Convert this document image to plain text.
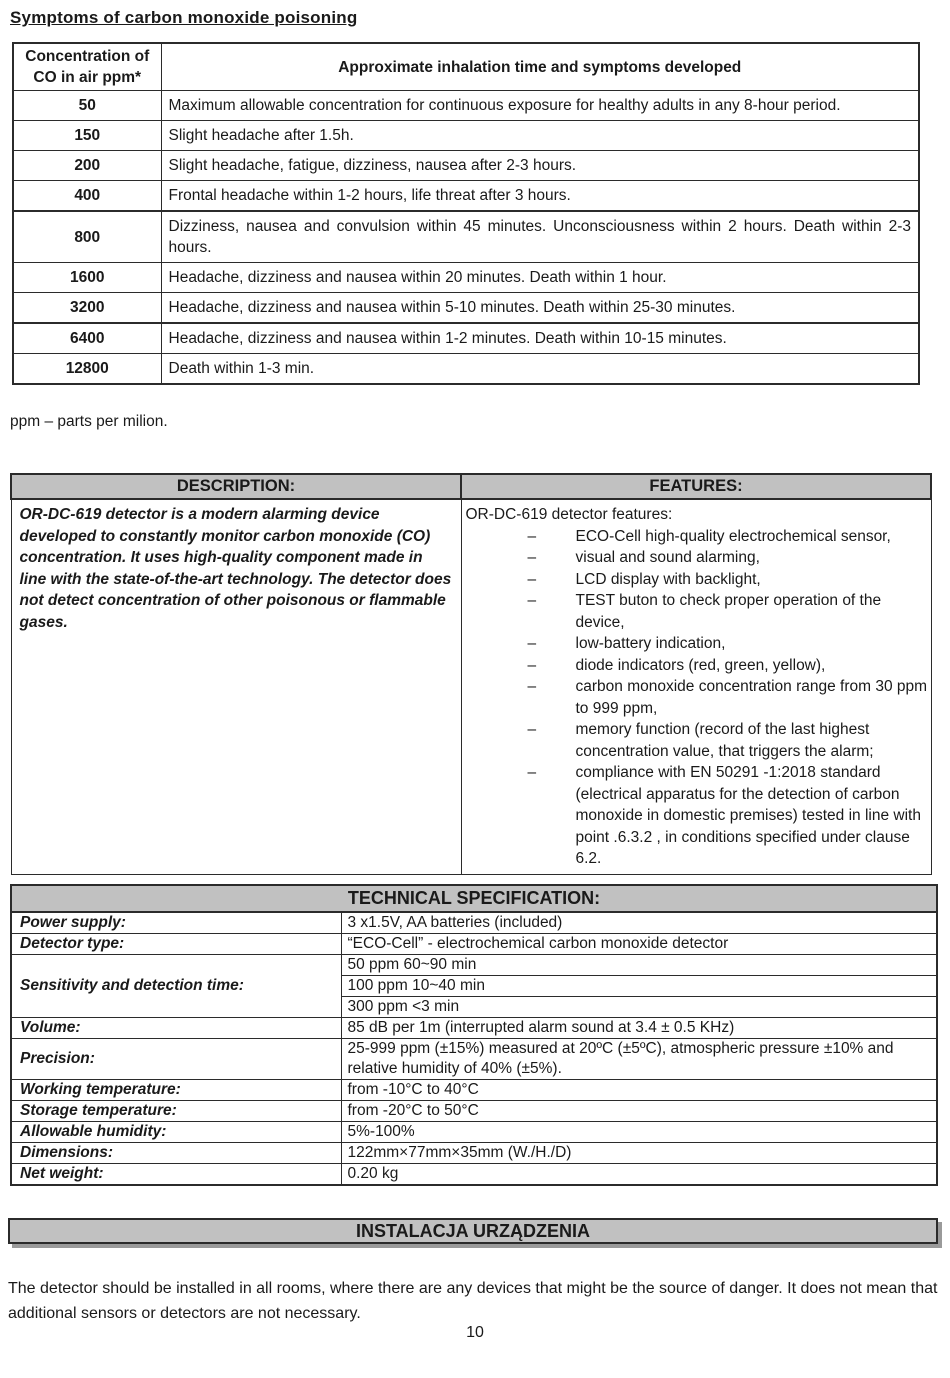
Symptoms of carbon monoxide poisoning
Concentration of CO in air ppm*	Approximate inhalation time and symptoms developed
50	Maximum allowable concentration for continuous exposure for healthy adults in any 8-hour period.
150	Slight headache after 1.5h.
200	Slight headache, fatigue, dizziness, nausea after 2-3 hours.
400	Frontal headache within 1-2 hours, life threat after 3 hours.
800	Dizziness, nausea and convulsion within 45 minutes. Unconsciousness within 2 hours. Death within 2-3 hours.
1600	Headache, dizziness and nausea within 20 minutes. Death within 1 hour.
3200	Headache, dizziness and nausea within 5-10 minutes. Death within 25-30 minutes.
6400	Headache, dizziness and nausea within 1-2 minutes. Death within 10-15 minutes.
12800	Death within 1-3 min.
ppm – parts per milion.
DESCRIPTION:	FEATURES:

OR-DC-619 detector is a modern alarming device developed to constantly monitor carbon monoxide (CO) concentration. It uses high-quality component made in line with the state-of-the-art technology. The detector does not detect concentration of other poisonous or flammable gases.

OR-DC-619 detector features:
–	ECO-Cell high-quality electrochemical sensor,
–	visual and sound alarming,
–	LCD display with backlight,
–	TEST buton to check proper operation of the device,
–	low-battery indication,
–	diode indicators (red, green, yellow),
–	carbon monoxide concentration range from 30 ppm to 999 ppm,
–	memory function (record of the last highest concentration value, that triggers the alarm;
–	compliance with EN 50291 -1:2018 standard (electrical apparatus for the detection of carbon monoxide in domestic premises) tested in line with point .6.3.2 , in conditions specified under clause 6.2.
TECHNICAL SPECIFICATION:	
Power supply:	3 x1.5V, AA batteries (included)
Detector type:	“ECO-Cell” - electrochemical carbon monoxide detector
Sensitivity and detection time:	50 ppm 60~90 min
	100 ppm 10~40 min
	300 ppm <3 min
Volume:	85 dB per 1m (interrupted alarm sound at 3.4 ± 0.5 KHz)
Precision:	25-999 ppm (±15%) measured at 20ºC (±5ºC), atmospheric pressure ±10% and relative humidity of 40% (±5%).
Working temperature:	from -10°C to 40°C
Storage temperature:	from -20°C to 50°C
Allowable humidity:	5%-100%
Dimensions:	122mm×77mm×35mm (W./H./D)
Net weight:	0.20 kg
INSTALACJA URZĄDZENIA

The detector should be installed in all rooms, where there are any devices that might be the source of danger. It does not mean that additional sensors or detectors are not necessary.

10
